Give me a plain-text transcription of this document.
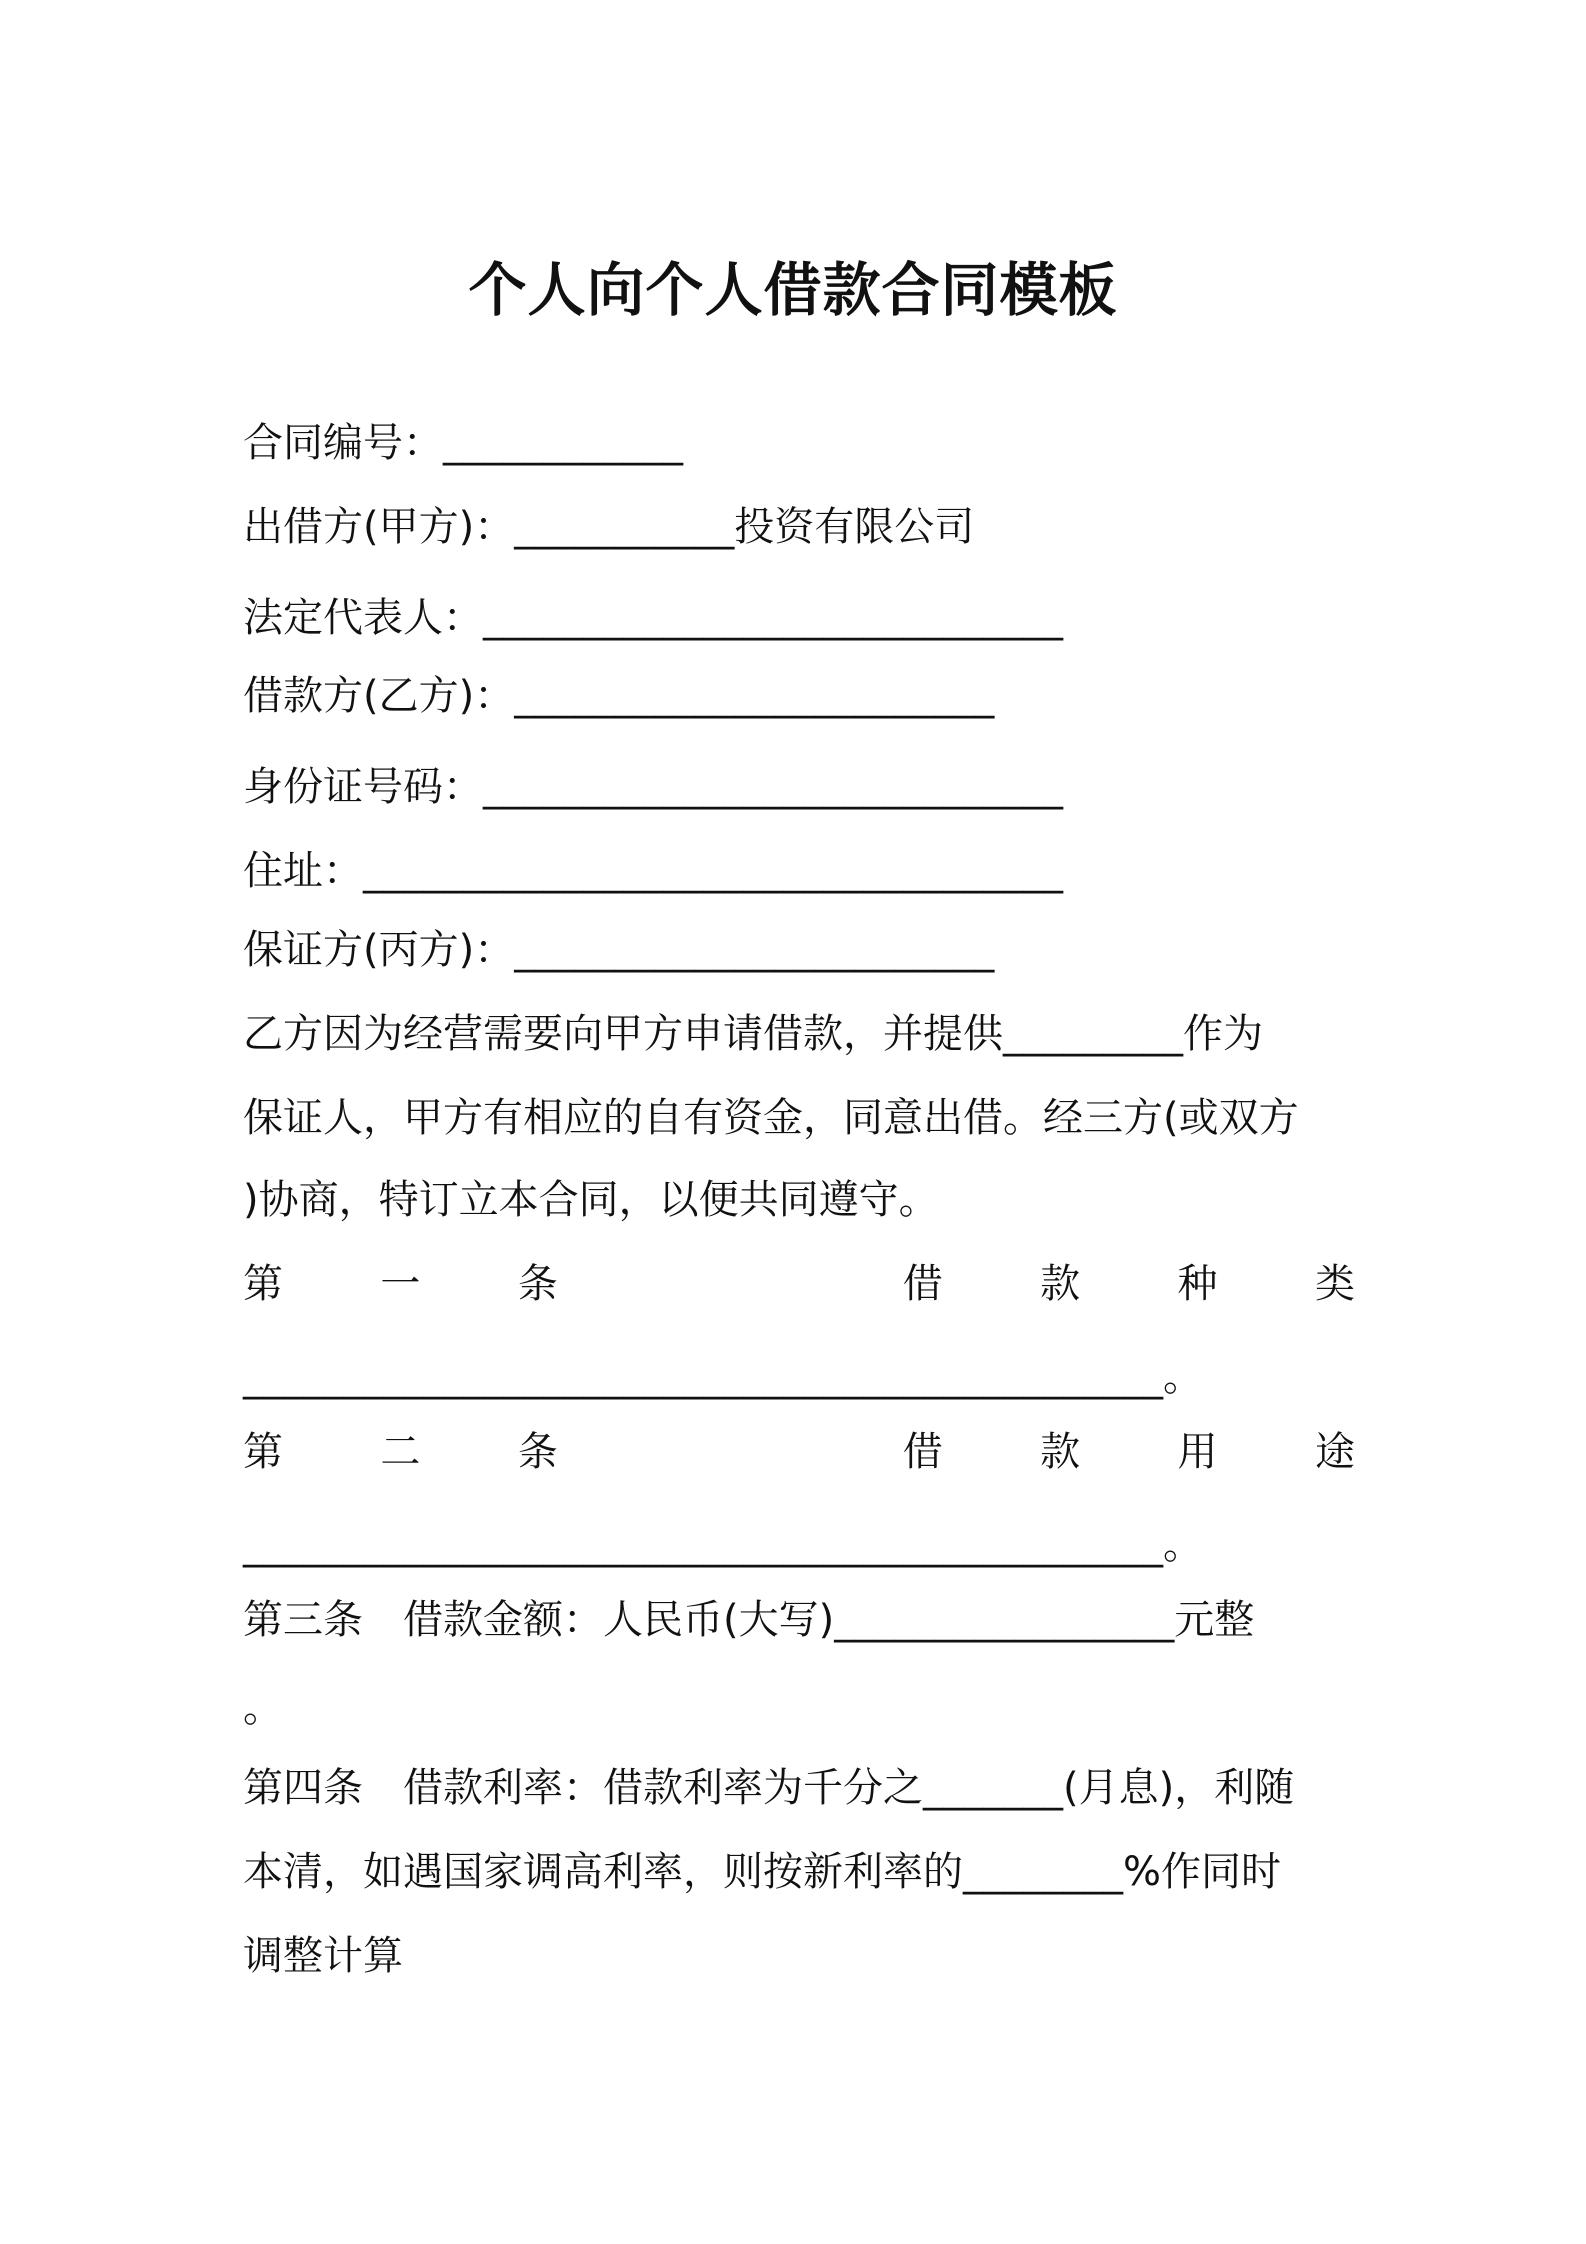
个人向个人借款合同模板
合同编号：____________
出借方(甲方)：___________投资有限公司
法定代表人：_____________________________
借款方(乙方)：________________________
身份证号码：_____________________________
住址：___________________________________
保证方(丙方)：________________________
乙方因为经营需要向甲方申请借款，并提供_________作为
保证人，甲方有相应的自有资金，同意出借。经三方(或双方
)协商，特订立本合同，以便共同遵守。
第 一 条	借 款 种 类
______________________________________________。
第 二 条	借 款 用 途
______________________________________________。
第三条　借款金额：人民币(大写)_________________元整
。
第四条　借款利率：借款利率为千分之_______(月息)，利随
本清，如遇国家调高利率，则按新利率的________%作同时
调整计算
